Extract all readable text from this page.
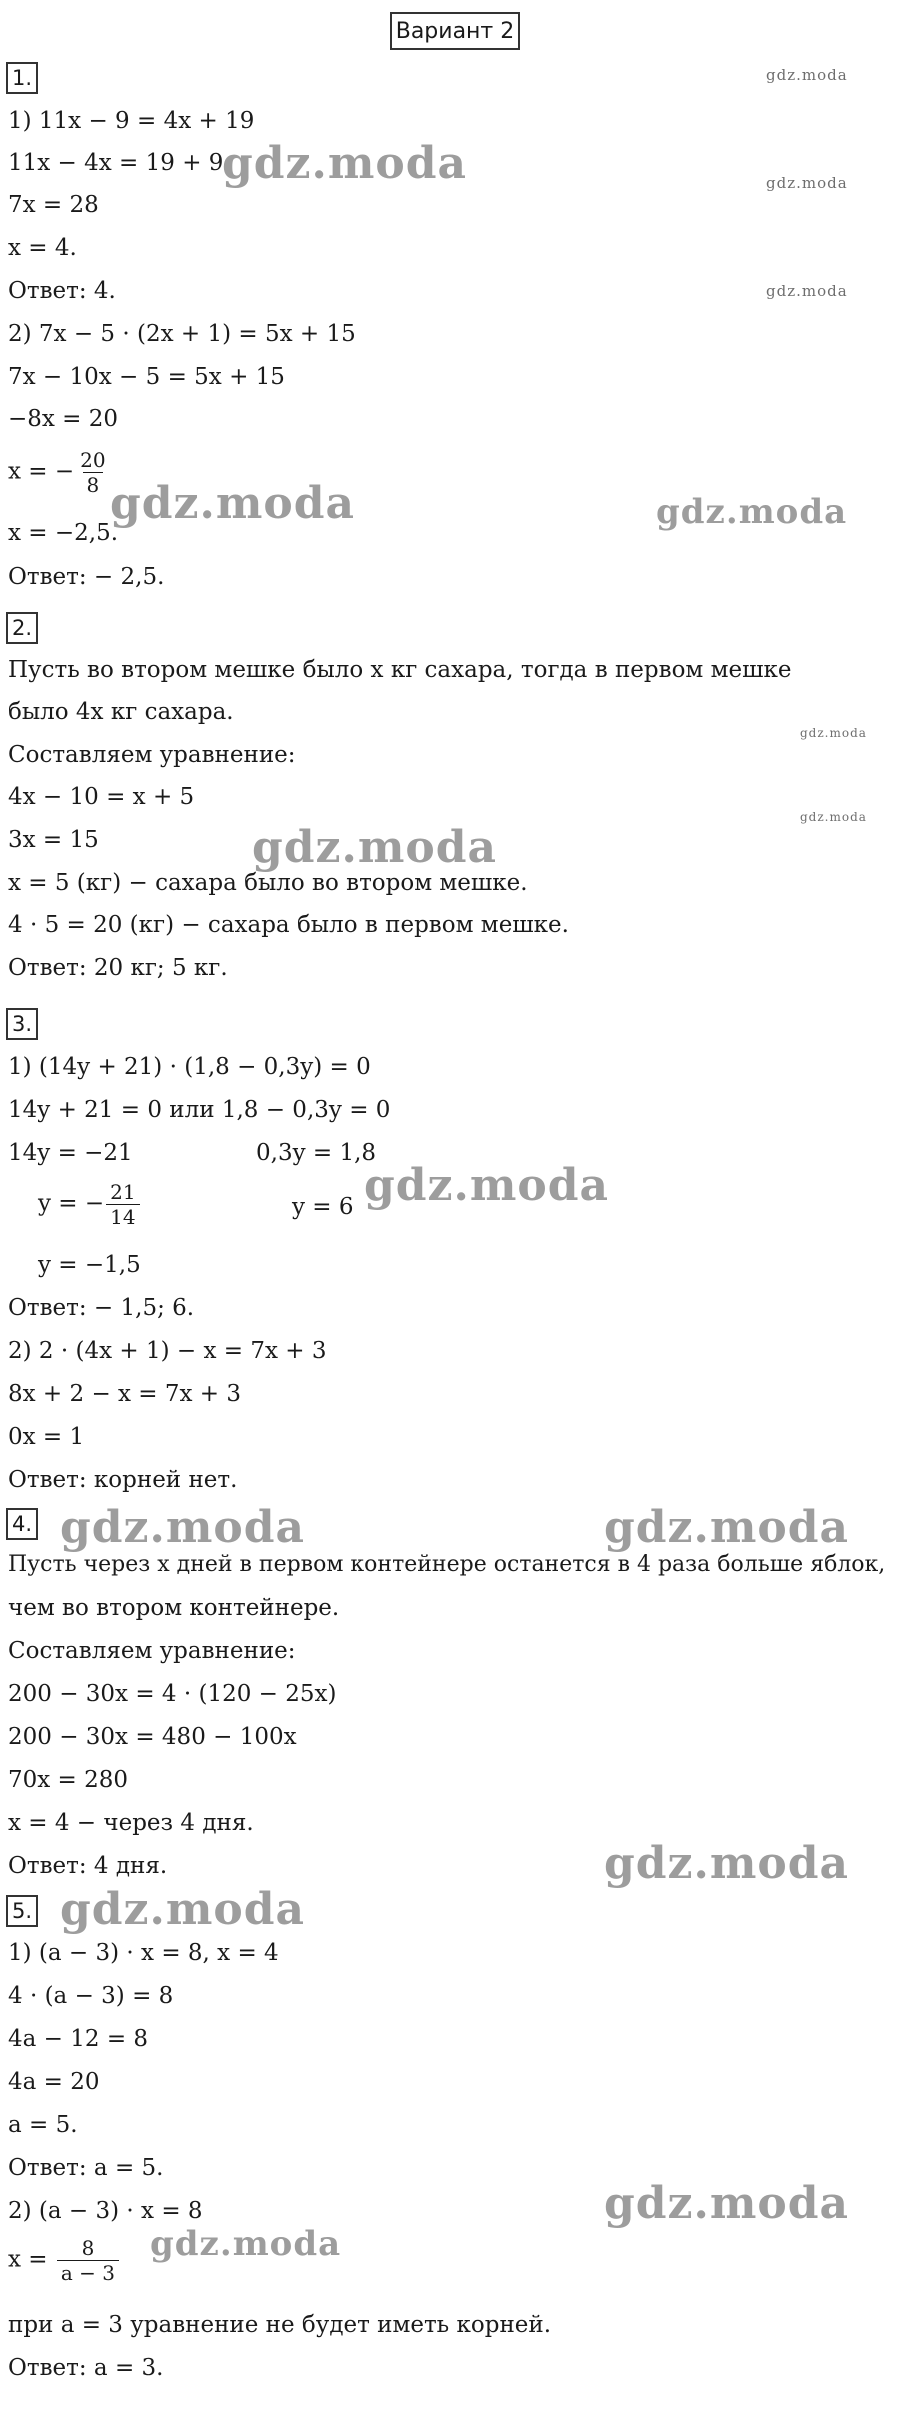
Вариант 2
1.
1) 11x − 9 = 4x + 19
11x − 4x = 19 + 9
7x = 28
x = 4.
Ответ: 4.
2) 7x − 5 · (2x + 1) = 5x + 15
7x − 10x − 5 = 5x + 15
−8x = 20
x = − $\frac{20}{8}$
x = −2,5.
Ответ: − 2,5.
2.
Пусть во втором мешке было x кг сахара, тогда в первом мешке
было 4x кг сахара.
Составляем уравнение:
4x − 10 = x + 5
3x = 15
x = 5 (кг) − сахара было во втором мешке.
4 · 5 = 20 (кг) − сахара было в первом мешке.
Ответ: 20 кг; 5 кг.
3.
1) (14y + 21) · (1,8 − 0,3y) = 0
14y + 21 = 0 или 1,8 − 0,3y = 0
14y = −21	0,3y = 1,8
y = − $\frac{21}{14}$	y = 6
y = −1,5
Ответ: − 1,5; 6.
2) 2 · (4x + 1) − x = 7x + 3
8x + 2 − x = 7x + 3
0x = 1
Ответ: корней нет.
4.
Пусть через x дней в первом контейнере останется в 4 раза больше яблок,
чем во втором контейнере.
Составляем уравнение:
200 − 30x = 4 · (120 − 25x)
200 − 30x = 480 − 100x
70x = 280
x = 4 − через 4 дня.
Ответ: 4 дня.
5.
1) (a − 3) · x = 8, x = 4
4 · (a − 3) = 8
4a − 12 = 8
4a = 20
a = 5.
Ответ: a = 5.
2) (a − 3) · x = 8
$x = \frac{8}{a - 3}$
при a = 3 уравнение не будет иметь корней.
Ответ: a = 3.
gdz.moda
gdz.moda
gdz.moda
gdz.moda
gdz.moda	gdz.moda
gdz.moda
gdz.moda
gdz.moda
gdz.moda
gdz.moda	gdz.moda
gdz.moda
gdz.moda
gdz.moda
gdz.moda
